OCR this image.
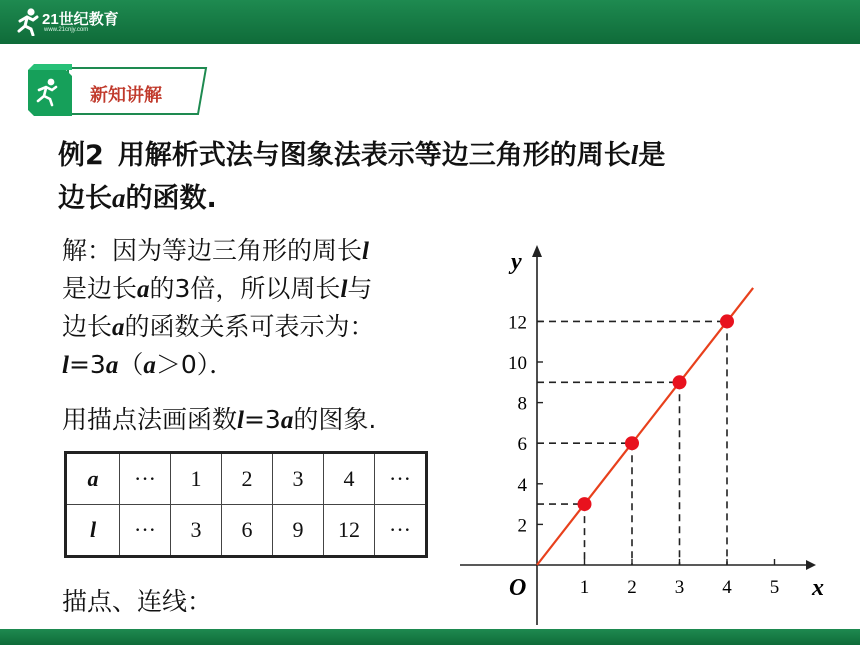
21世纪教育
www.21cnjy.com
新知讲解
例2 用解析式法与图象法表示等边三角形的周长l是
边长a的函数.

解：因为等边三角形的周长l

是边长a的3倍，所以周长l与

边长a的函数关系可表示为：

l=3a（a＞0）．

用描点法画函数l=3a的图象.
a	···	1	2	3	4	···
l	···	3	6	9	12	···
描点、连线：	x
y
O	1 2 3 4 5
2
4
6
8
10
12
